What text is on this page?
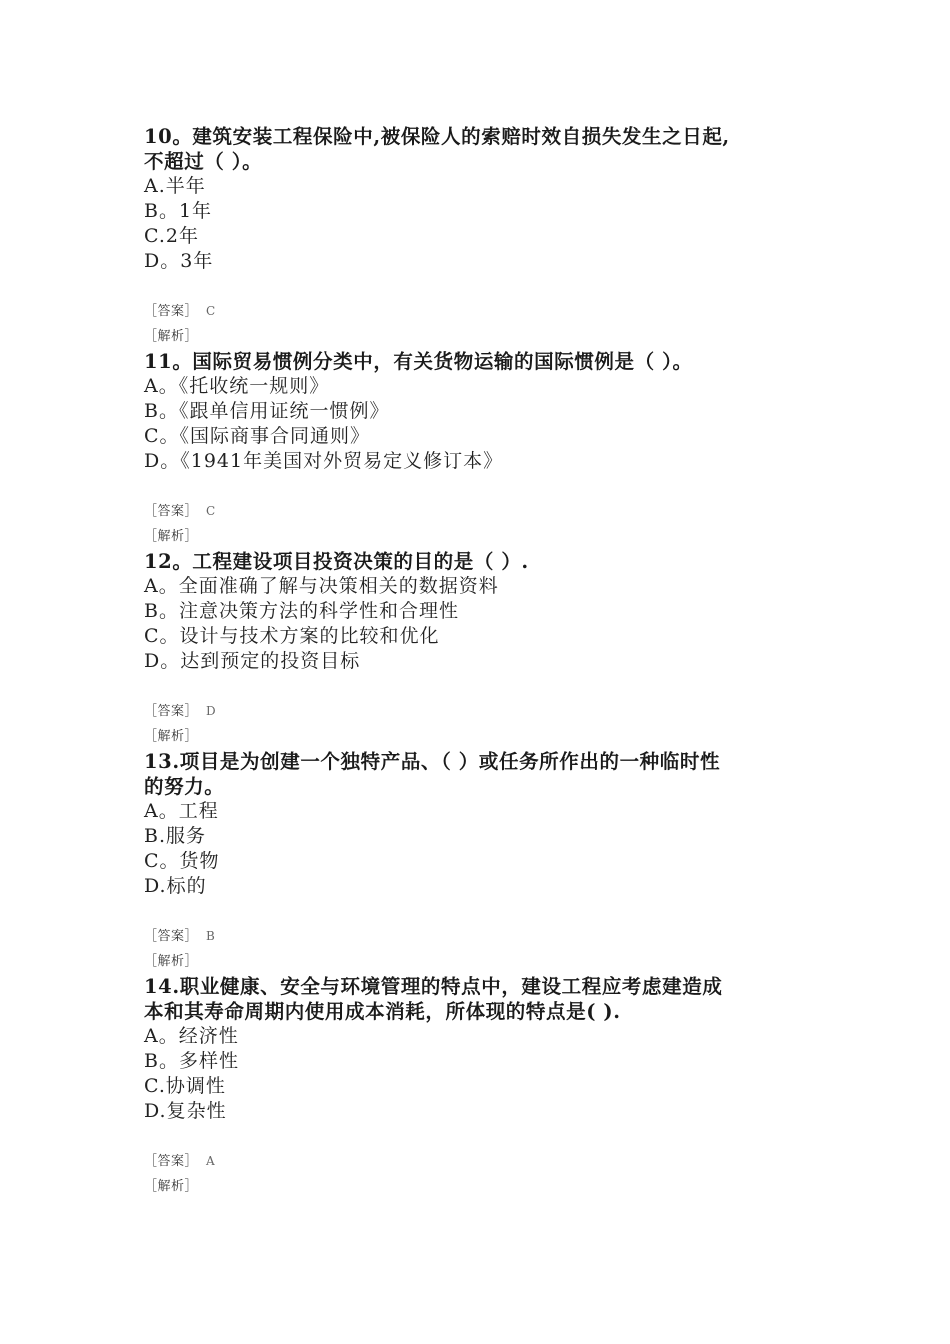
10。建筑安装工程保险中,被保险人的索赔时效自损失发生之日起,

不超过（ ）。

A.半年

B。1年

C.2年

D。3年

［答案］ C

［解析］

11。国际贸易惯例分类中，有关货物运输的国际惯例是（ ）。

A。《托收统一规则》

B。《跟单信用证统一惯例》

C。《国际商事合同通则》

D。《1941年美国对外贸易定义修订本》

［答案］ C

［解析］

12。工程建设项目投资决策的目的是（ ）.

A。全面准确了解与决策相关的数据资料

B。注意决策方法的科学性和合理性

C。设计与技术方案的比较和优化

D。达到预定的投资目标

［答案］ D

［解析］

13.项目是为创建一个独特产品、（ ）或任务所作出的一种临时性

的努力。

A。工程

B.服务

C。货物

D.标的

［答案］ B

［解析］

14.职业健康、安全与环境管理的特点中，建设工程应考虑建造成

本和其寿命周期内使用成本消耗，所体现的特点是( ).

A。经济性

B。多样性

C.协调性

D.复杂性

［答案］ A

［解析］
